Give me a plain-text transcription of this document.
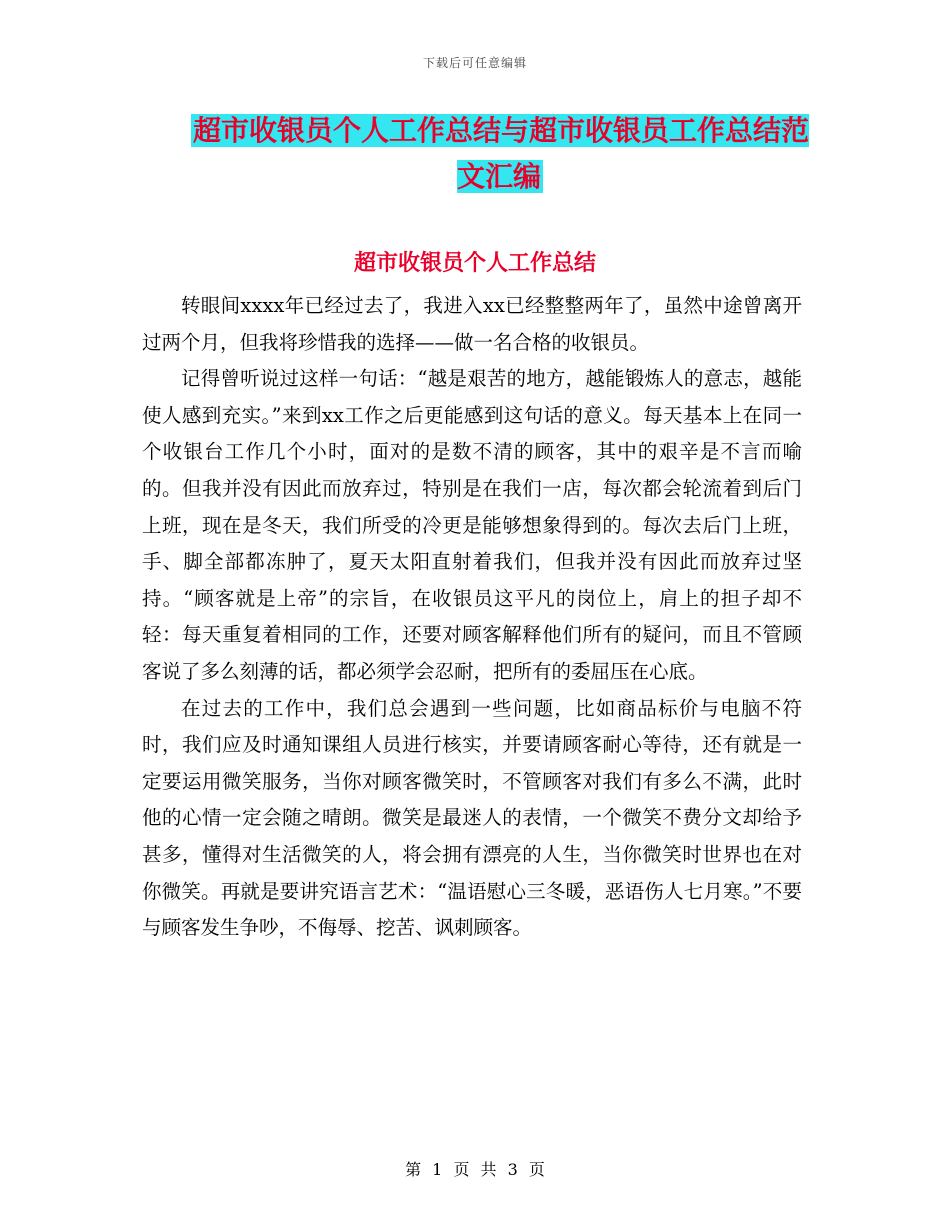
下载后可任意编辑
超市收银员个人工作总结与超市收银员工作总结范文汇编
超市收银员个人工作总结

转眼间xxxx年已经过去了，我进入xx已经整整两年了，虽然中途曾离开过两个月，但我将珍惜我的选择——做一名合格的收银员。

记得曾听说过这样一句话：“越是艰苦的地方，越能锻炼人的意志，越能使人感到充实。”来到xx工作之后更能感到这句话的意义。每天基本上在同一个收银台工作几个小时，面对的是数不清的顾客，其中的艰辛是不言而喻的。但我并没有因此而放弃过，特别是在我们一店，每次都会轮流着到后门上班，现在是冬天，我们所受的冷更是能够想象得到的。每次去后门上班，手、脚全部都冻肿了，夏天太阳直射着我们，但我并没有因此而放弃过坚持。“顾客就是上帝”的宗旨，在收银员这平凡的岗位上，肩上的担子却不轻：每天重复着相同的工作，还要对顾客解释他们所有的疑问，而且不管顾客说了多么刻薄的话，都必须学会忍耐，把所有的委屈压在心底。

在过去的工作中，我们总会遇到一些问题，比如商品标价与电脑不符时，我们应及时通知课组人员进行核实，并要请顾客耐心等待，还有就是一定要运用微笑服务，当你对顾客微笑时，不管顾客对我们有多么不满，此时他的心情一定会随之晴朗。微笑是最迷人的表情，一个微笑不费分文却给予甚多，懂得对生活微笑的人，将会拥有漂亮的人生，当你微笑时世界也在对你微笑。再就是要讲究语言艺术：“温语慰心三冬暖，恶语伤人七月寒。”不要与顾客发生争吵，不侮辱、挖苦、讽刺顾客。

第 1 页 共 3 页
